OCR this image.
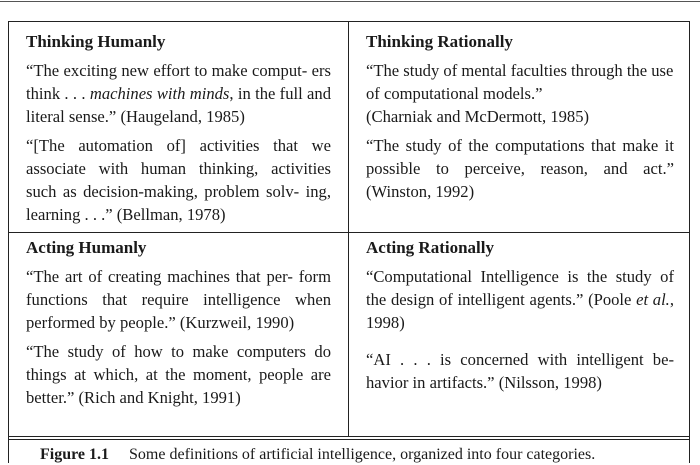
Thinking Humanly
“The exciting new effort to make comput- ers think . . . machines with minds, in the full and literal sense.” (Haugeland, 1985)
“[The automation of] activities that we associate with human thinking, activities such as decision-making, problem solv- ing, learning . . .” (Bellman, 1978)
Thinking Rationally
“The study of mental faculties through the use of computational models.”
(Charniak and McDermott, 1985)
“The study of the computations that make it possible to perceive, reason, and act.” (Winston, 1992)
Acting Humanly
“The art of creating machines that per- form functions that require intelligence when performed by people.” (Kurzweil, 1990)
“The study of how to make computers do things at which, at the moment, people are better.” (Rich and Knight, 1991)
Acting Rationally
“Computational Intelligence is the study of the design of intelligent agents.” (Poole et al., 1998)
“AI . . . is concerned with intelligent be- havior in artifacts.” (Nilsson, 1998)
Figure 1.1 Some definitions of artificial intelligence, organized into four categories.
